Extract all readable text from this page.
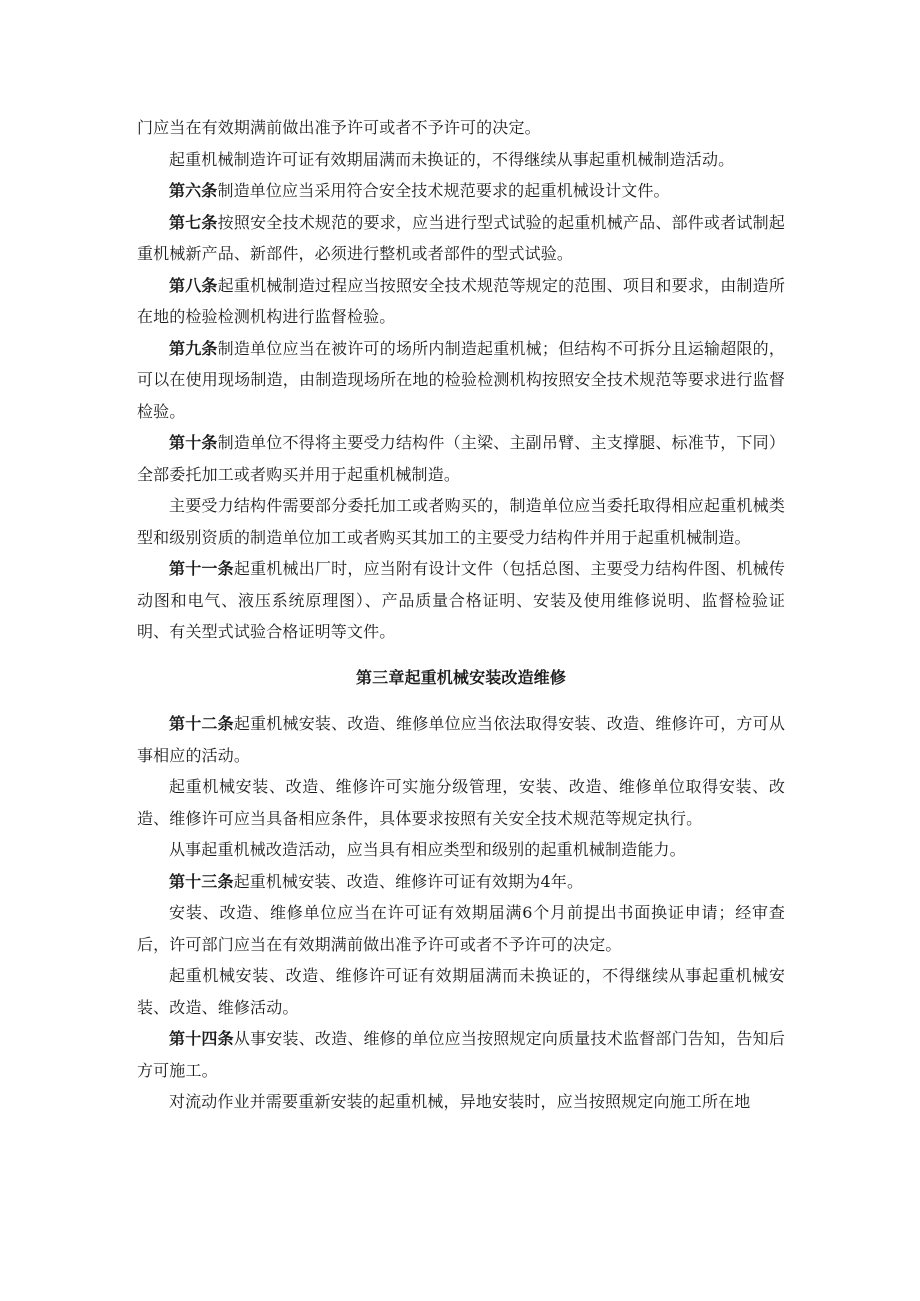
门应当在有效期满前做出准予许可或者不予许可的决定。

起重机械制造许可证有效期届满而未换证的，不得继续从事起重机械制造活动。

第六条制造单位应当采用符合安全技术规范要求的起重机械设计文件。

第七条按照安全技术规范的要求，应当进行型式试验的起重机械产品、部件或者试制起重机械新产品、新部件，必须进行整机或者部件的型式试验。

第八条起重机械制造过程应当按照安全技术规范等规定的范围、项目和要求，由制造所在地的检验检测机构进行监督检验。

第九条制造单位应当在被许可的场所内制造起重机械；但结构不可拆分且运输超限的，可以在使用现场制造，由制造现场所在地的检验检测机构按照安全技术规范等要求进行监督检验。

第十条制造单位不得将主要受力结构件（主梁、主副吊臂、主支撑腿、标准节，下同）全部委托加工或者购买并用于起重机械制造。

主要受力结构件需要部分委托加工或者购买的，制造单位应当委托取得相应起重机械类型和级别资质的制造单位加工或者购买其加工的主要受力结构件并用于起重机械制造。

第十一条起重机械出厂时，应当附有设计文件（包括总图、主要受力结构件图、机械传动图和电气、液压系统原理图）、产品质量合格证明、安装及使用维修说明、监督检验证明、有关型式试验合格证明等文件。

第三章起重机械安装改造维修

第十二条起重机械安装、改造、维修单位应当依法取得安装、改造、维修许可，方可从事相应的活动。

起重机械安装、改造、维修许可实施分级管理，安装、改造、维修单位取得安装、改造、维修许可应当具备相应条件，具体要求按照有关安全技术规范等规定执行。

从事起重机械改造活动，应当具有相应类型和级别的起重机械制造能力。

第十三条起重机械安装、改造、维修许可证有效期为4年。

安装、改造、维修单位应当在许可证有效期届满6个月前提出书面换证申请；经审查后，许可部门应当在有效期满前做出准予许可或者不予许可的决定。

起重机械安装、改造、维修许可证有效期届满而未换证的，不得继续从事起重机械安装、改造、维修活动。

第十四条从事安装、改造、维修的单位应当按照规定向质量技术监督部门告知，告知后方可施工。

对流动作业并需要重新安装的起重机械，异地安装时，应当按照规定向施工所在地
